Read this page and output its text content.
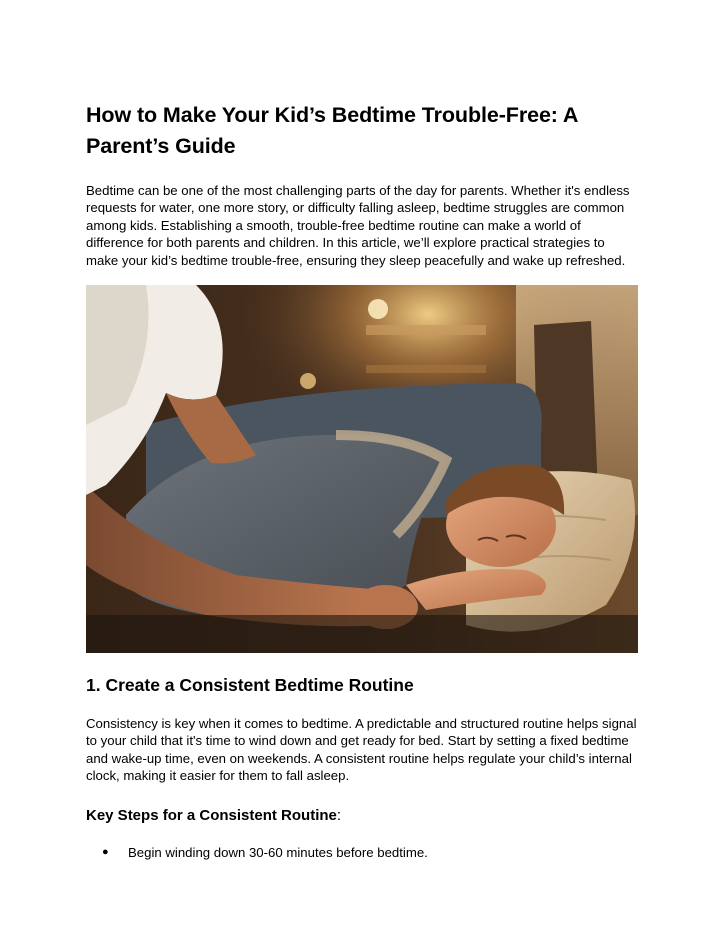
How to Make Your Kid’s Bedtime Trouble-Free: A Parent’s Guide

Bedtime can be one of the most challenging parts of the day for parents. Whether it's endless requests for water, one more story, or difficulty falling asleep, bedtime struggles are common among kids. Establishing a smooth, trouble-free bedtime routine can make a world of difference for both parents and children. In this article, we’ll explore practical strategies to make your kid’s bedtime trouble-free, ensuring they sleep peacefully and wake up refreshed.

1. Create a Consistent Bedtime Routine

Consistency is key when it comes to bedtime. A predictable and structured routine helps signal to your child that it's time to wind down and get ready for bed. Start by setting a fixed bedtime and wake-up time, even on weekends. A consistent routine helps regulate your child’s internal clock, making it easier for them to fall asleep.

Key Steps for a Consistent Routine:
● Begin winding down 30-60 minutes before bedtime.
